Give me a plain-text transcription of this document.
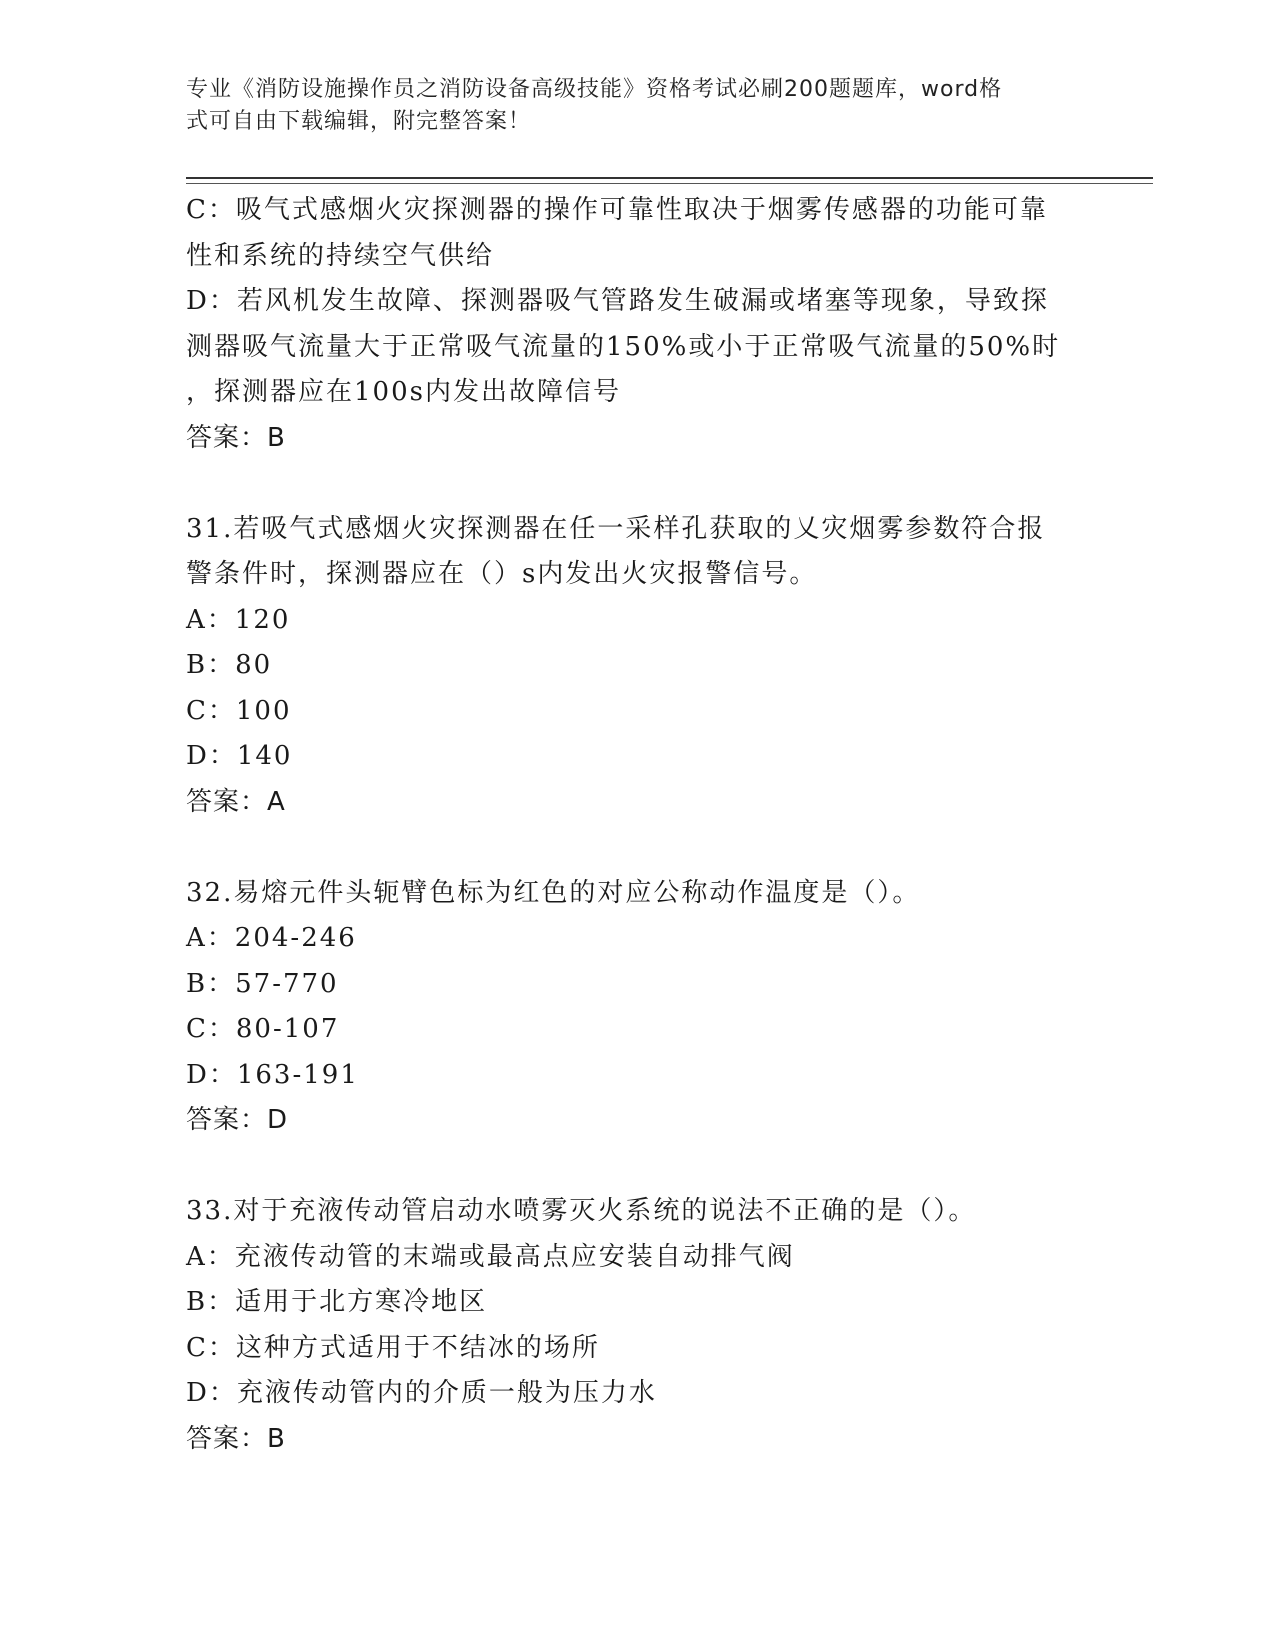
专业《消防设施操作员之消防设备高级技能》资格考试必刷200题题库，word格
式可自由下载编辑，附完整答案！

C：吸气式感烟火灾探测器的操作可靠性取决于烟雾传感器的功能可靠

性和系统的持续空气供给

D：若风机发生故障、探测器吸气管路发生破漏或堵塞等现象，导致探

测器吸气流量大于正常吸气流量的150%或小于正常吸气流量的50%时

，探测器应在100s内发出故障信号

答案：B

31.若吸气式感烟火灾探测器在任一采样孔获取的乂灾烟雾参数符合报

警条件时，探测器应在（）s内发出火灾报警信号。

A：120

B：80

C：100

D：140

答案：A

32.易熔元件头轭臂色标为红色的对应公称动作温度是（）。

A：204-246

B：57-770

C：80-107

D：163-191

答案：D

33.对于充液传动管启动水喷雾灭火系统的说法不正确的是（）。

A：充液传动管的末端或最高点应安装自动排气阀

B：适用于北方寒冷地区

C：这种方式适用于不结冰的场所

D：充液传动管内的介质一般为压力水

答案：B
